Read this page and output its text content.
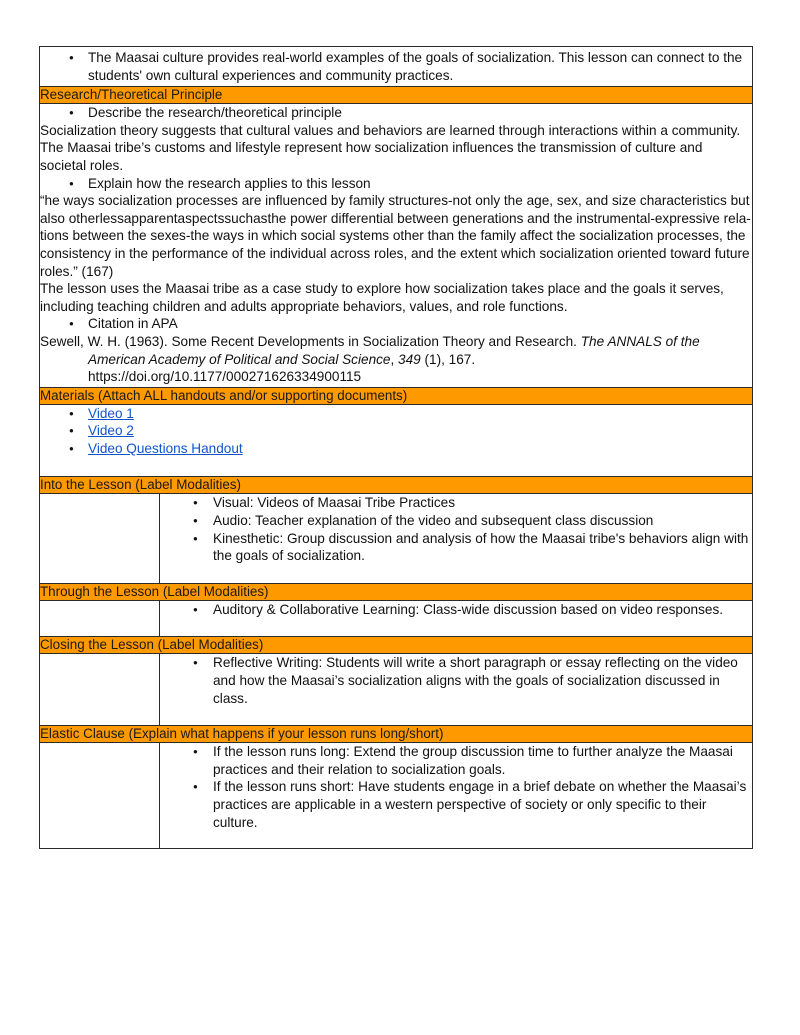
● The Maasai culture provides real-world examples of the goals of socialization. This lesson can connect to the students' own cultural experiences and community practices.

Research/Theoretical Principle	

● Describe the research/theoretical principle

Socialization theory suggests that cultural values and behaviors are learned through interactions within a community. The Maasai tribe’s customs and lifestyle represent how socialization influences the transmission of culture and societal roles.

● Explain how the research applies to this lesson

“he ways socialization processes are influenced by family structures-not only the age, sex, and size characteristics but also otherlessapparentaspectssuchasthe power differential between generations and the instrumental-expressive rela-tions between the sexes-the ways in which social systems other than the family affect the socialization processes, the consistency in the performance of the individual across roles, and the extent which socialization oriented toward future roles.” (167)

The lesson uses the Maasai tribe as a case study to explore how socialization takes place and the goals it serves, including teaching children and adults appropriate behaviors, values, and role functions.

● Citation in APA

Sewell, W. H. (1963). Some Recent Developments in Socialization Theory and Research. The ANNALS of the American Academy of Political and Social Science, 349 (1), 167.
https://doi.org/10.1177/000271626334900115

Materials (Attach ALL handouts and/or supporting documents)	

● Video 1
● Video 2
● Video Questions Handout

Into the Lesson (Label Modalities)	

● Visual: Videos of Maasai Tribe Practices
● Audio: Teacher explanation of the video and subsequent class discussion
● Kinesthetic: Group discussion and analysis of how the Maasai tribe's behaviors align with the goals of socialization.

Through the Lesson (Label Modalities)	

● Auditory & Collaborative Learning: Class-wide discussion based on video responses.

Closing the Lesson (Label Modalities)	

● Reflective Writing: Students will write a short paragraph or essay reflecting on the video and how the Maasai’s socialization aligns with the goals of socialization discussed in class.

Elastic Clause (Explain what happens if your lesson runs long/short)	

● If the lesson runs long: Extend the group discussion time to further analyze the Maasai practices and their relation to socialization goals.
● If the lesson runs short: Have students engage in a brief debate on whether the Maasai’s practices are applicable in a western perspective of society or only specific to their culture.
